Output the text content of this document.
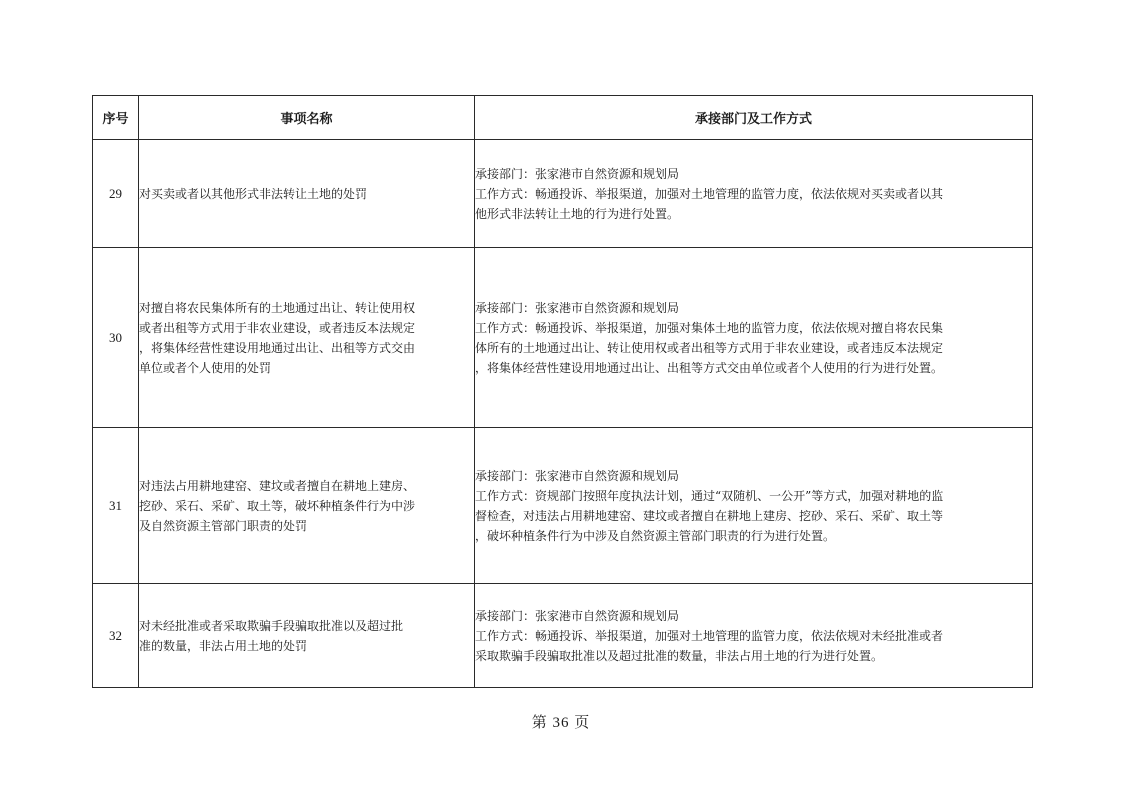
序号	事项名称	承接部门及工作方式
29	对买卖或者以其他形式非法转让土地的处罚	承接部门：张家港市自然资源和规划局
工作方式：畅通投诉、举报渠道，加强对土地管理的监管力度，依法依规对买卖或者以其
他形式非法转让土地的行为进行处置。

30	对擅自将农民集体所有的土地通过出让、转让使用权
或者出租等方式用于非农业建设，或者违反本法规定
，将集体经营性建设用地通过出让、出租等方式交由
单位或者个人使用的处罚	承接部门：张家港市自然资源和规划局
工作方式：畅通投诉、举报渠道，加强对集体土地的监管力度，依法依规对擅自将农民集
体所有的土地通过出让、转让使用权或者出租等方式用于非农业建设，或者违反本法规定
，将集体经营性建设用地通过出让、出租等方式交由单位或者个人使用的行为进行处置。

31	对违法占用耕地建窑、建坟或者擅自在耕地上建房、
挖砂、采石、采矿、取土等，破坏种植条件行为中涉
及自然资源主管部门职责的处罚	承接部门：张家港市自然资源和规划局
工作方式：资规部门按照年度执法计划，通过“双随机、一公开”等方式，加强对耕地的监
督检查，对违法占用耕地建窑、建坟或者擅自在耕地上建房、挖砂、采石、采矿、取土等
，破坏种植条件行为中涉及自然资源主管部门职责的行为进行处置。

32	对未经批准或者采取欺骗手段骗取批准以及超过批
准的数量，非法占用土地的处罚	承接部门：张家港市自然资源和规划局
工作方式：畅通投诉、举报渠道，加强对土地管理的监管力度，依法依规对未经批准或者
采取欺骗手段骗取批准以及超过批准的数量，非法占用土地的行为进行处置。
第 36 页
